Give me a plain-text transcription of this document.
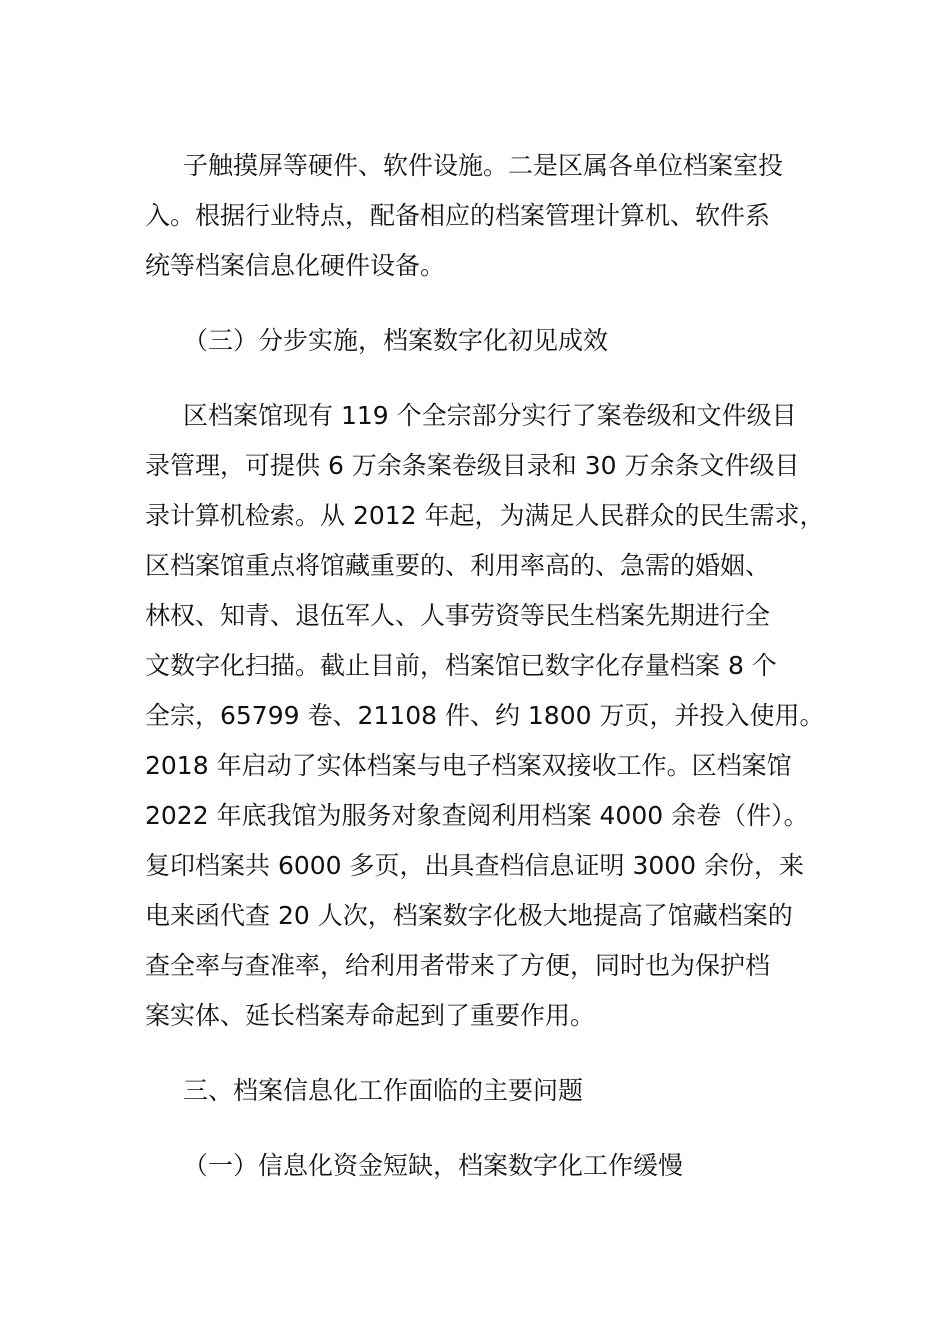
子触摸屏等硬件、软件设施。二是区属各单位档案室投
入。根据行业特点，配备相应的档案管理计算机、软件系
统等档案信息化硬件设备。
（三）分步实施，档案数字化初见成效
区档案馆现有 119 个全宗部分实行了案卷级和文件级目
录管理，可提供 6 万余条案卷级目录和 30 万余条文件级目
录计算机检索。从 2012 年起，为满足人民群众的民生需求，
区档案馆重点将馆藏重要的、利用率高的、急需的婚姻、
林权、知青、退伍军人、人事劳资等民生档案先期进行全
文数字化扫描。截止目前，档案馆已数字化存量档案 8 个
全宗，65799 卷、21108 件、约 1800 万页，并投入使用。
2018 年启动了实体档案与电子档案双接收工作。区档案馆
2022 年底我馆为服务对象查阅利用档案 4000 余卷（件）。
复印档案共 6000 多页，出具查档信息证明 3000 余份，来
电来函代查 20 人次，档案数字化极大地提高了馆藏档案的
查全率与查准率，给利用者带来了方便，同时也为保护档
案实体、延长档案寿命起到了重要作用。
三、档案信息化工作面临的主要问题
（一）信息化资金短缺，档案数字化工作缓慢
